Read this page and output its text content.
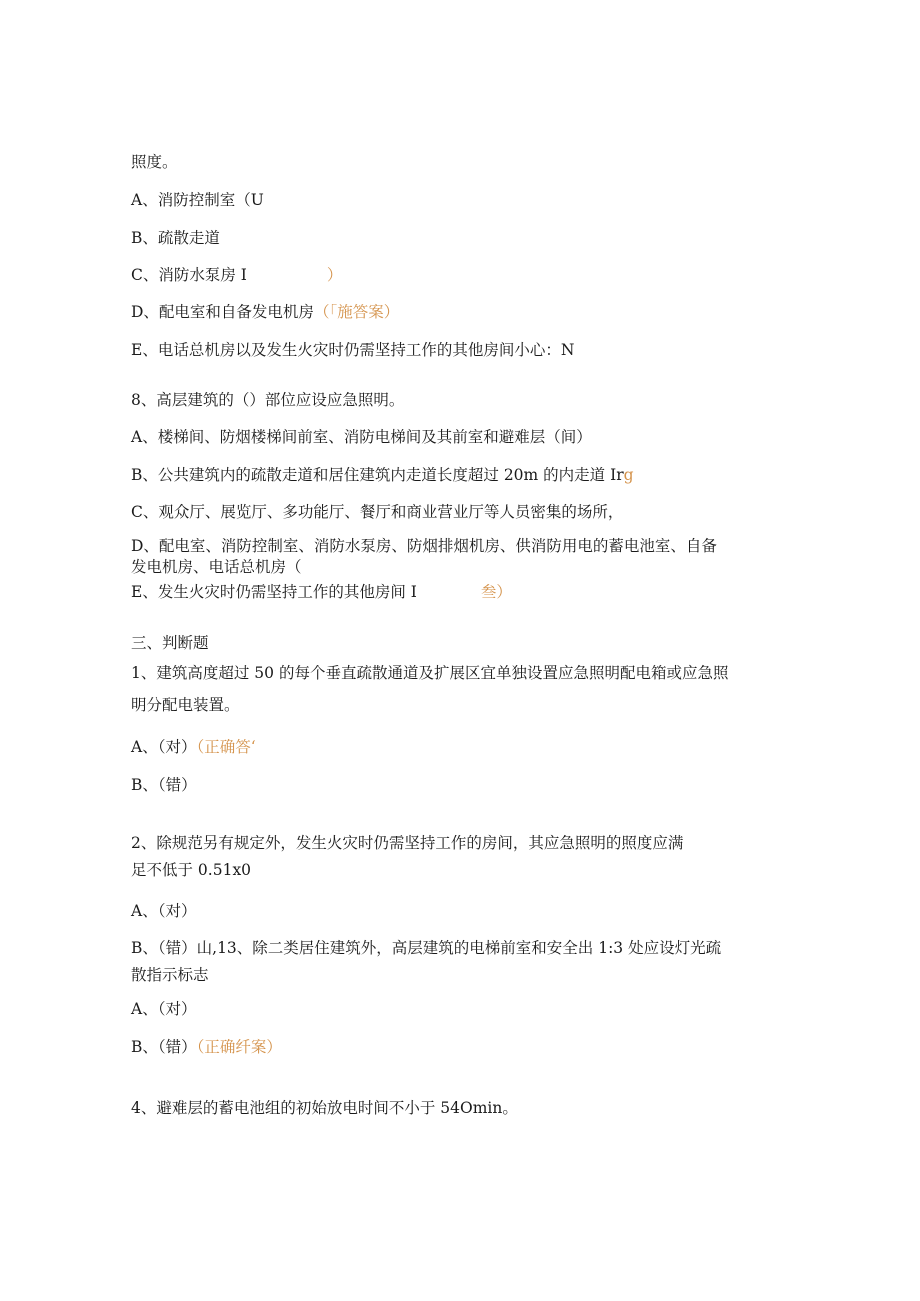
照度。
A、消防控制室（U
B、疏散走道
C、消防水泵房 I	）
D、配电室和自备发电机房（「施答案）
E、电话总机房以及发生火灾时仍需坚持工作的其他房间小心：N
8、高层建筑的（）部位应设应急照明。
A、楼梯间、防烟楼梯间前室、消防电梯间及其前室和避难层（间）
B、公共建筑内的疏散走道和居住建筑内走道长度超过 20m 的内走道 Irg
C、观众厅、展览厅、多功能厅、餐厅和商业营业厅等人员密集的场所，
D、配电室、消防控制室、消防水泵房、防烟排烟机房、供消防用电的蓄电池室、自备
发电机房、电话总机房（
E、发生火灾时仍需坚持工作的其他房间 I	叁）
三、判断题
1、建筑高度超过 50 的每个垂直疏散通道及扩展区宜单独设置应急照明配电箱或应急照
明分配电装置。
A、（对）（正确答‘
B、（错）
2、除规范另有规定外，发生火灾时仍需坚持工作的房间，其应急照明的照度应满
足不低于 0.51x0
A、（对）
B、（错）山,13、除二类居住建筑外，高层建筑的电梯前室和安全出 1:3 处应设灯光疏
散指示标志
A、（对）
B、（错）（正确纤案）
4、避难层的蓄电池组的初始放电时间不小于 54Omin。
